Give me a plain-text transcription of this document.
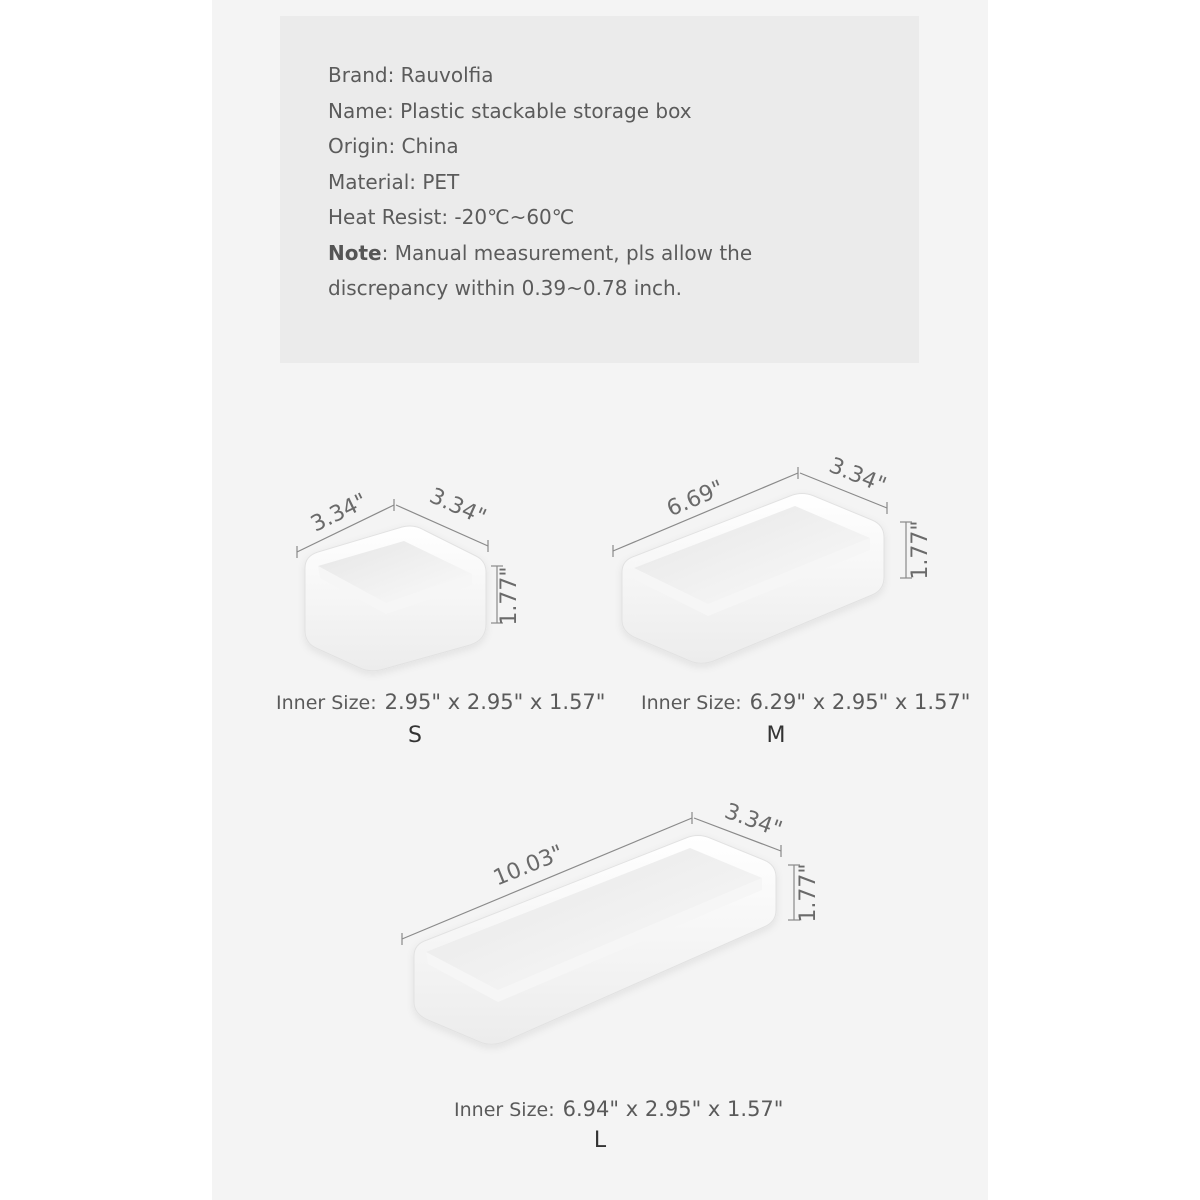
Brand: Rauvolfia
Name: Plastic stackable storage box
Origin: China
Material: PET
Heat Resist: -20℃~60℃
Note: Manual measurement, pls allow the discrepancy within 0.39~0.78 inch.
3.34" 3.34"
1.77"
6.69"	3.34"
1.77"
10.03"
3.34"
1.77"
Inner Size: 2.95" x 2.95" x 1.57"
S
Inner Size: 6.29" x 2.95" x 1.57"
M
Inner Size: 6.94" x 2.95" x 1.57"
L
